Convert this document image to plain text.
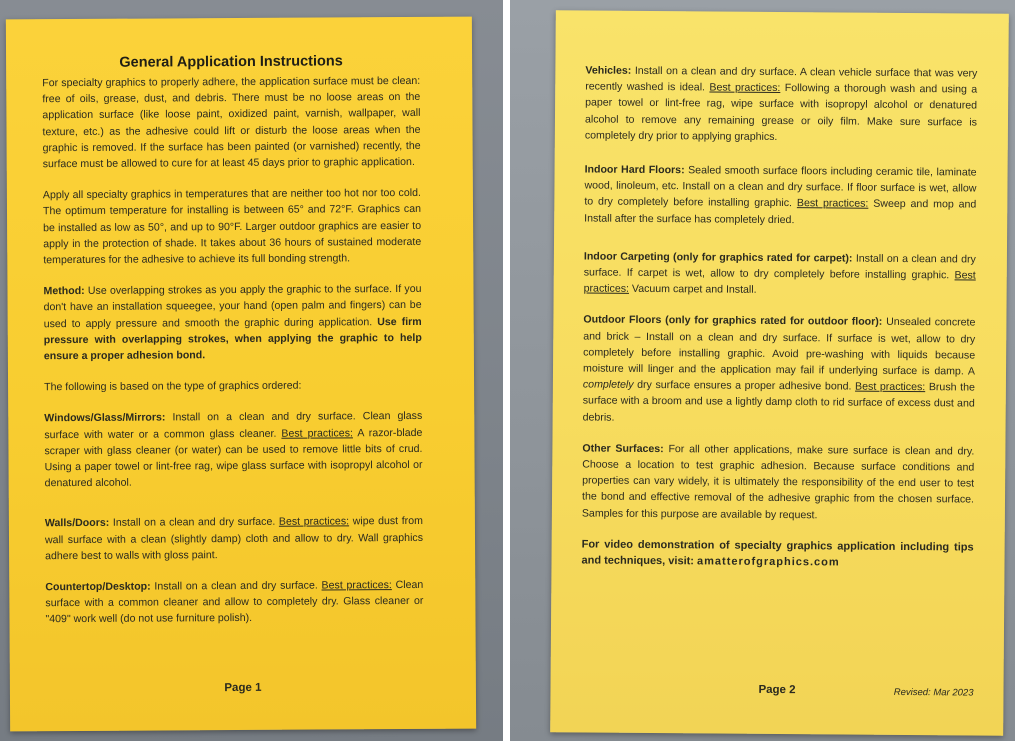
General Application Instructions

For specialty graphics to properly adhere, the application surface must be clean: free of oils, grease, dust, and debris. There must be no loose areas on the application surface (like loose paint, oxidized paint, varnish, wallpaper, wall texture, etc.) as the adhesive could lift or disturb the loose areas when the graphic is removed. If the surface has been painted (or varnished) recently, the surface must be allowed to cure for at least 45 days prior to graphic application.

Apply all specialty graphics in temperatures that are neither too hot nor too cold. The optimum temperature for installing is between 65° and 72°F. Graphics can be installed as low as 50°, and up to 90°F. Larger outdoor graphics are easier to apply in the protection of shade. It takes about 36 hours of sustained moderate temperatures for the adhesive to achieve its full bonding strength.

Method: Use overlapping strokes as you apply the graphic to the surface. If you don't have an installation squeegee, your hand (open palm and fingers) can be used to apply pressure and smooth the graphic during application. Use firm pressure with overlapping strokes, when applying the graphic to help ensure a proper adhesion bond.

The following is based on the type of graphics ordered:

Windows/Glass/Mirrors: Install on a clean and dry surface. Clean glass surface with water or a common glass cleaner. Best practices: A razor-blade scraper with glass cleaner (or water) can be used to remove little bits of crud. Using a paper towel or lint-free rag, wipe glass surface with isopropyl alcohol or denatured alcohol.

Walls/Doors: Install on a clean and dry surface. Best practices: wipe dust from wall surface with a clean (slightly damp) cloth and allow to dry. Wall graphics adhere best to walls with gloss paint.

Countertop/Desktop: Install on a clean and dry surface. Best practices: Clean surface with a common cleaner and allow to completely dry. Glass cleaner or "409" work well (do not use furniture polish).

Page 1

Vehicles: Install on a clean and dry surface. A clean vehicle surface that was very recently washed is ideal. Best practices: Following a thorough wash and using a paper towel or lint-free rag, wipe surface with isopropyl alcohol or denatured alcohol to remove any remaining grease or oily film. Make sure surface is completely dry prior to applying graphics.

Indoor Hard Floors: Sealed smooth surface floors including ceramic tile, laminate wood, linoleum, etc. Install on a clean and dry surface. If floor surface is wet, allow to dry completely before installing graphic. Best practices: Sweep and mop and Install after the surface has completely dried.

Indoor Carpeting (only for graphics rated for carpet): Install on a clean and dry surface. If carpet is wet, allow to dry completely before installing graphic. Best practices: Vacuum carpet and Install.

Outdoor Floors (only for graphics rated for outdoor floor): Unsealed concrete and brick – Install on a clean and dry surface. If surface is wet, allow to dry completely before installing graphic. Avoid pre-washing with liquids because moisture will linger and the application may fail if underlying surface is damp. A completely dry surface ensures a proper adhesive bond. Best practices: Brush the surface with a broom and use a lightly damp cloth to rid surface of excess dust and debris.

Other Surfaces: For all other applications, make sure surface is clean and dry. Choose a location to test graphic adhesion. Because surface conditions and properties can vary widely, it is ultimately the responsibility of the end user to test the bond and effective removal of the adhesive graphic from the chosen surface. Samples for this purpose are available by request.

For video demonstration of specialty graphics application including tips and techniques, visit: amatterofgraphics.com

Page 2	Revised: Mar 2023
